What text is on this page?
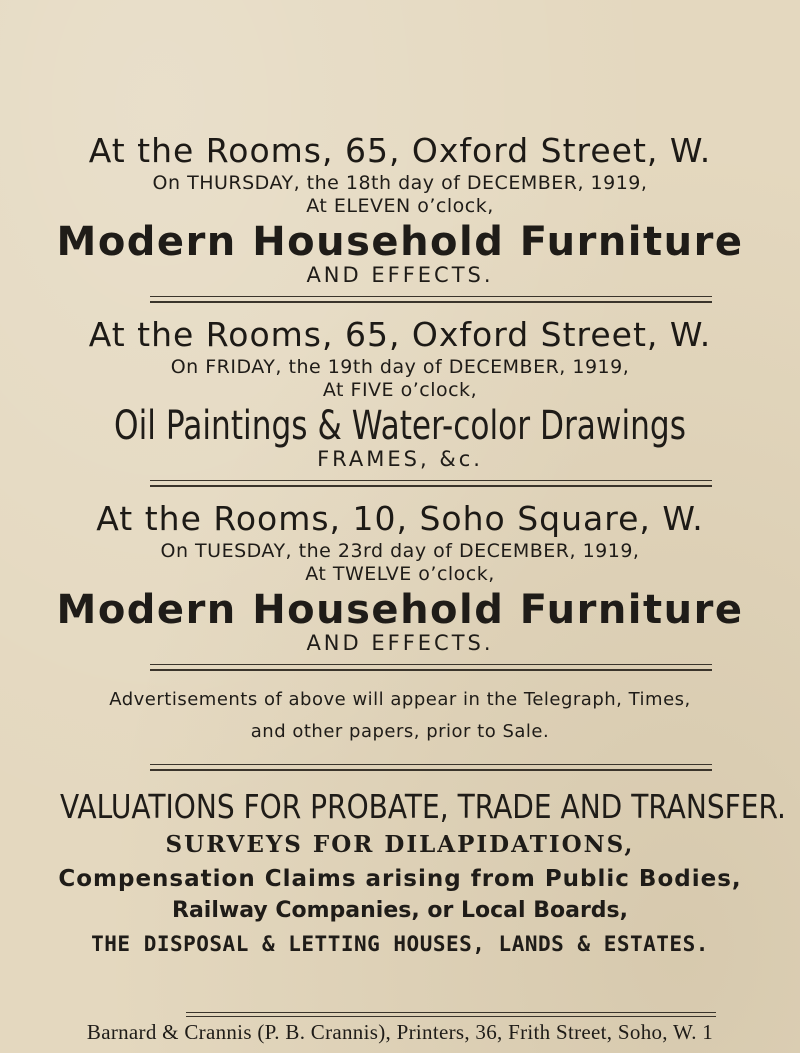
At the Rooms, 65, Oxford Street, W.
On THURSDAY, the 18th day of DECEMBER, 1919,
At ELEVEN o’clock,
Modern Household Furniture
AND EFFECTS.
At the Rooms, 65, Oxford Street, W.
On FRIDAY, the 19th day of DECEMBER, 1919,
At FIVE o’clock,
Oil Paintings & Water-color Drawings
FRAMES, &c.
At the Rooms, 10, Soho Square, W.
On TUESDAY, the 23rd day of DECEMBER, 1919,
At TWELVE o’clock,
Modern Household Furniture
AND EFFECTS.
Advertisements of above will appear in the Telegraph, Times,
and other papers, prior to Sale.
VALUATIONS FOR PROBATE, TRADE AND TRANSFER.
SURVEYS FOR DILAPIDATIONS,
Compensation Claims arising from Public Bodies,
Railway Companies, or Local Boards,
THE DISPOSAL & LETTING HOUSES, LANDS & ESTATES.
Barnard & Crannis (P. B. Crannis), Printers, 36, Frith Street, Soho, W. 1
